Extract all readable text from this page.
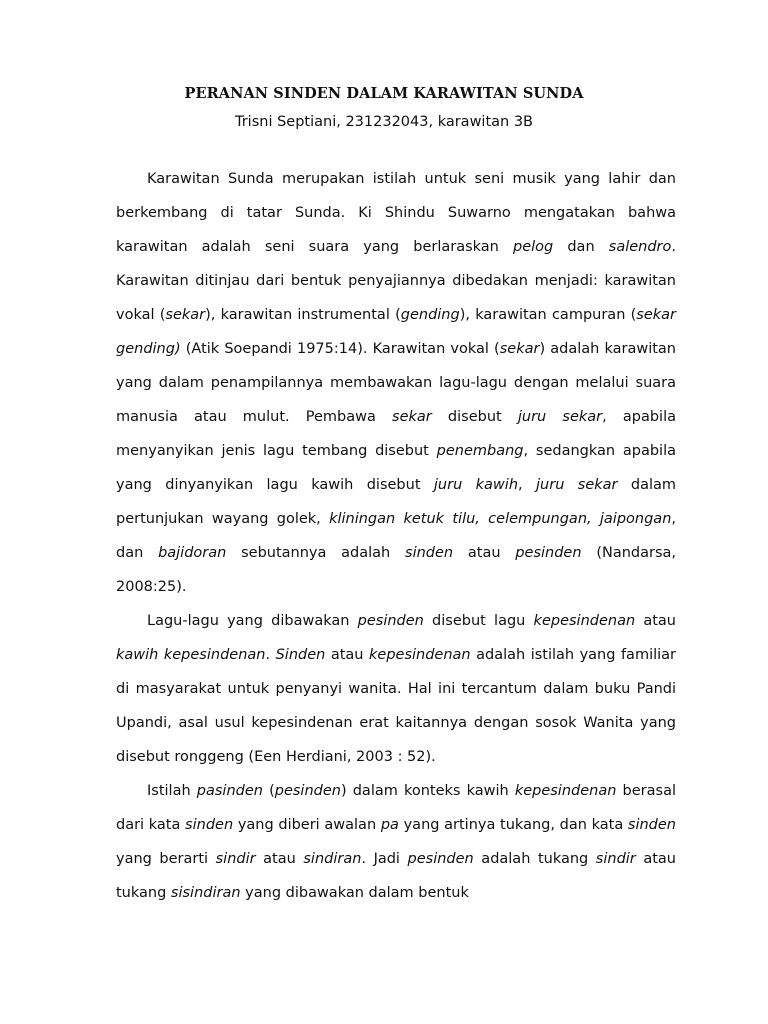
PERANAN SINDEN DALAM KARAWITAN SUNDA
Trisni Septiani, 231232043, karawitan 3B

Karawitan Sunda merupakan istilah untuk seni musik yang lahir dan berkembang di tatar Sunda. Ki Shindu Suwarno mengatakan bahwa karawitan adalah seni suara yang berlaraskan pelog dan salendro. Karawitan ditinjau dari bentuk penyajiannya dibedakan menjadi: karawitan vokal (sekar), karawitan instrumental (gending), karawitan campuran (sekar gending) (Atik Soepandi 1975:14). Karawitan vokal (sekar) adalah karawitan yang dalam penampilannya membawakan lagu-lagu dengan melalui suara manusia atau mulut. Pembawa sekar disebut juru sekar, apabila menyanyikan jenis lagu tembang disebut penembang, sedangkan apabila yang dinyanyikan lagu kawih disebut juru kawih, juru sekar dalam pertunjukan wayang golek, kliningan ketuk tilu, celempungan, jaipongan, dan bajidoran sebutannya adalah sinden atau pesinden (Nandarsa, 2008:25).

Lagu-lagu yang dibawakan pesinden disebut lagu kepesindenan atau kawih kepesindenan. Sinden atau kepesindenan adalah istilah yang familiar di masyarakat untuk penyanyi wanita. Hal ini tercantum dalam buku Pandi Upandi, asal usul kepesindenan erat kaitannya dengan sosok Wanita yang disebut ronggeng (Een Herdiani, 2003 : 52).

Istilah pasinden (pesinden) dalam konteks kawih kepesindenan berasal dari kata sinden yang diberi awalan pa yang artinya tukang, dan kata sinden yang berarti sindir atau sindiran. Jadi pesinden adalah tukang sindir atau tukang sisindiran yang dibawakan dalam bentuk
